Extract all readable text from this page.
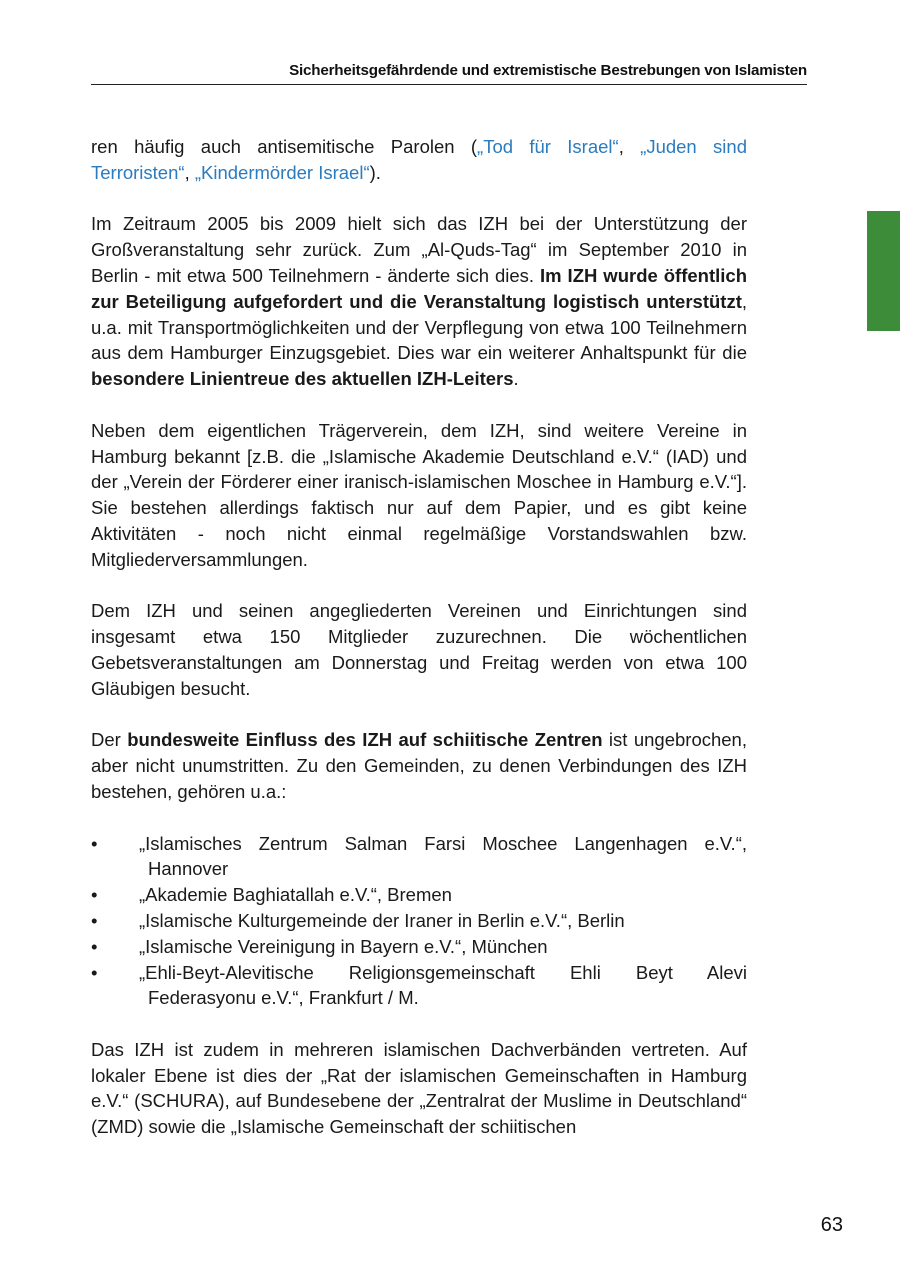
Sicherheitsgefährdende und extremistische Bestrebungen von Islamisten

ren häufig auch antisemitische Parolen („Tod für Israel“, „Juden sind Terroristen“, „Kindermörder Israel“).

Im Zeitraum 2005 bis 2009 hielt sich das IZH bei der Unterstützung der Großveranstaltung sehr zurück. Zum „Al-Quds-Tag“ im September 2010 in Berlin - mit etwa 500 Teilnehmern - änderte sich dies. Im IZH wurde öffentlich zur Beteiligung aufgefordert und die Veranstaltung logistisch unterstützt, u.a. mit Transportmöglichkeiten und der Verpflegung von etwa 100 Teilnehmern aus dem Hamburger Einzugsgebiet. Dies war ein weiterer Anhaltspunkt für die besondere Linientreue des aktuellen IZH-Leiters.

Neben dem eigentlichen Trägerverein, dem IZH, sind weitere Vereine in Hamburg bekannt [z.B. die „Islamische Akademie Deutschland e.V.“ (IAD) und der „Verein der Förderer einer iranisch-islamischen Moschee in Hamburg e.V.“]. Sie bestehen allerdings faktisch nur auf dem Papier, und es gibt keine Aktivitäten - noch nicht einmal regelmäßige Vorstandswahlen bzw. Mitgliederversammlungen.

Dem IZH und seinen angegliederten Vereinen und Einrichtungen sind insgesamt etwa 150 Mitglieder zuzurechnen. Die wöchentlichen Gebetsveranstaltungen am Donnerstag und Freitag werden von etwa 100 Gläubigen besucht.

Der bundesweite Einfluss des IZH auf schiitische Zentren ist ungebrochen, aber nicht unumstritten. Zu den Gemeinden, zu denen Verbindungen des IZH bestehen, gehören u.a.:

•	„Islamisches Zentrum Salman Farsi Moschee Langenhagen e.V.“,
Hannover
•	„Akademie Baghiatallah e.V.“, Bremen
•	„Islamische Kulturgemeinde der Iraner in Berlin e.V.“, Berlin
•	„Islamische Vereinigung in Bayern e.V.“, München
•	„Ehli-Beyt-Alevitische Religionsgemeinschaft Ehli Beyt Alevi
Federasyonu e.V.“, Frankfurt / M.

Das IZH ist zudem in mehreren islamischen Dachverbänden vertreten. Auf lokaler Ebene ist dies der „Rat der islamischen Gemeinschaften in Hamburg e.V.“ (SCHURA), auf Bundesebene der „Zentralrat der Muslime in Deutschland“ (ZMD) sowie die „Islamische Gemeinschaft der schiitischen

63
